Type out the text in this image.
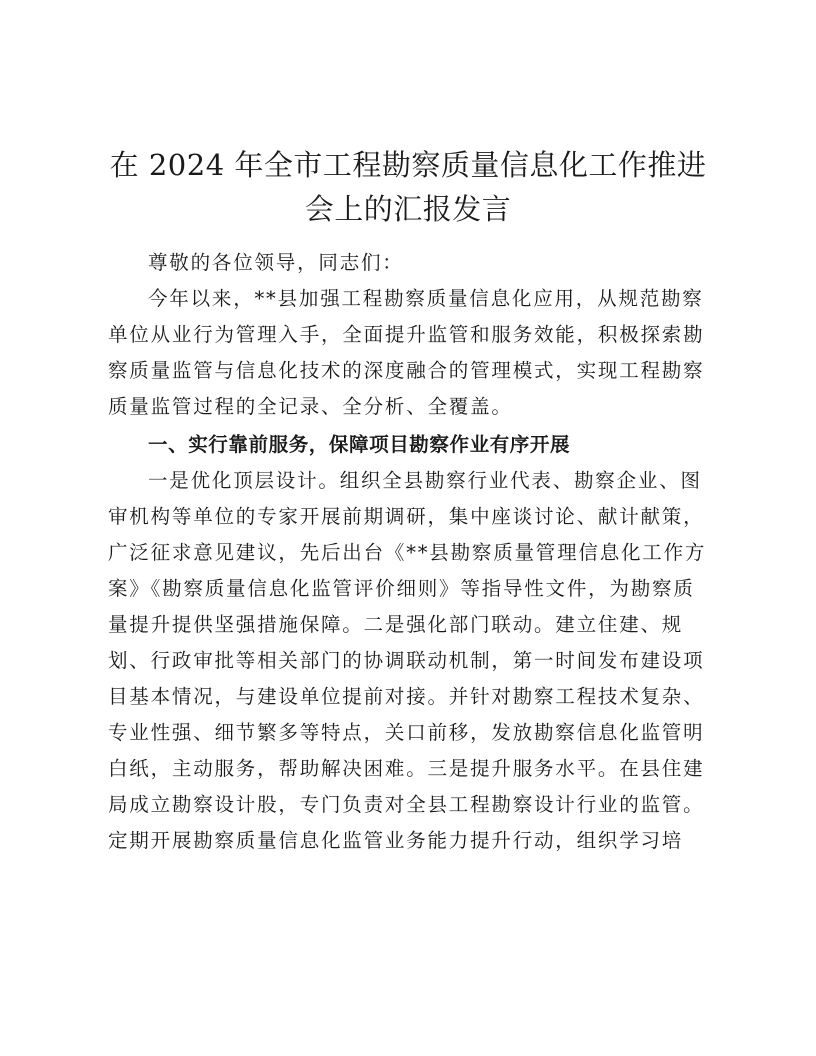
在 2024 年全市工程勘察质量信息化工作推进
会上的汇报发言

尊敬的各位领导，同志们：

今年以来，**县加强工程勘察质量信息化应用，从规范勘察

单位从业行为管理入手，全面提升监管和服务效能，积极探索勘

察质量监管与信息化技术的深度融合的管理模式，实现工程勘察

质量监管过程的全记录、全分析、全覆盖。

一、实行靠前服务，保障项目勘察作业有序开展

一是优化顶层设计。组织全县勘察行业代表、勘察企业、图

审机构等单位的专家开展前期调研，集中座谈讨论、献计献策，

广泛征求意见建议，先后出台《**县勘察质量管理信息化工作方

案》《勘察质量信息化监管评价细则》等指导性文件，为勘察质

量提升提供坚强措施保障。二是强化部门联动。建立住建、规

划、行政审批等相关部门的协调联动机制，第一时间发布建设项

目基本情况，与建设单位提前对接。并针对勘察工程技术复杂、

专业性强、细节繁多等特点，关口前移，发放勘察信息化监管明

白纸，主动服务，帮助解决困难。三是提升服务水平。在县住建

局成立勘察设计股，专门负责对全县工程勘察设计行业的监管。

定期开展勘察质量信息化监管业务能力提升行动，组织学习培
